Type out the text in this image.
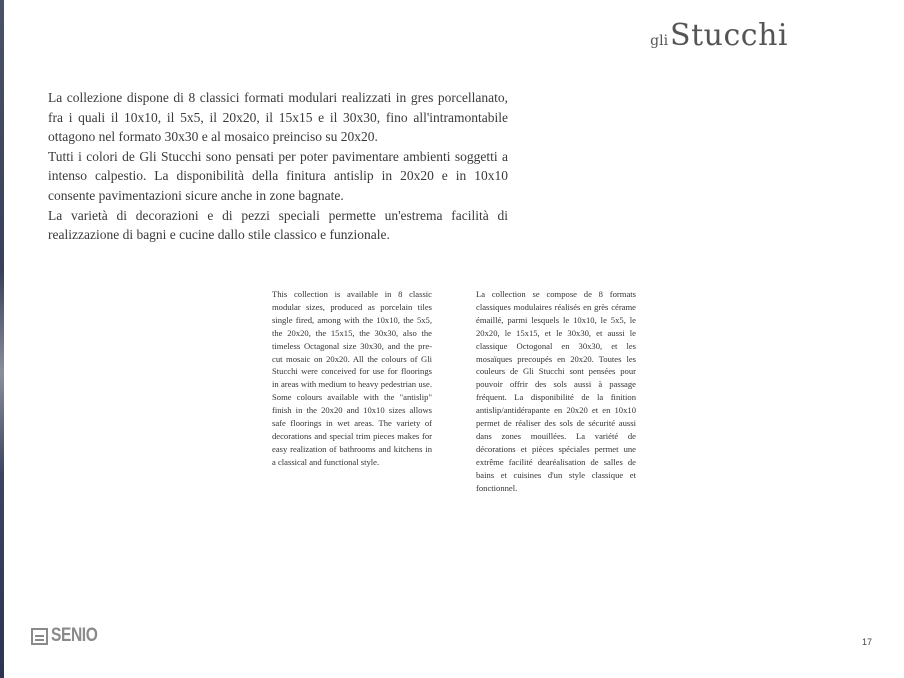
gliStucchi

La collezione dispone di 8 classici formati modulari realizzati in gres porcellanato, fra i quali il 10x10, il 5x5, il 20x20, il 15x15 e il 30x30, fino all'intramontabile ottagono nel formato 30x30 e al mosaico preinciso su 20x20.

Tutti i colori de Gli Stucchi sono pensati per poter pavimentare ambienti soggetti a intenso calpestio. La disponibilità della finitura antislip in 20x20 e in 10x10 consente pavimentazioni sicure anche in zone bagnate.

La varietà di decorazioni e di pezzi speciali permette un'estrema facilità di realizzazione di bagni e cucine dallo stile classico e funzionale.

This collection is available in 8 classic modular sizes, produced as porcelain tiles single fired, among with the 10x10, the 5x5, the 20x20, the 15x15, the 30x30, also the timeless Octagonal size 30x30, and the pre-cut mosaic on 20x20. All the colours of Gli Stucchi were conceived for use for floorings in areas with medium to heavy pedestrian use. Some colours available with the "antislip" finish in the 20x20 and 10x10 sizes allows safe floorings in wet areas. The variety of decorations and special trim pieces makes for easy realization of bathrooms and kitchens in a classical and functional style.
La collection se compose de 8 formats classiques modulaires réalisés en grès cérame émaillé, parmi lesquels le 10x10, le 5x5, le 20x20, le 15x15, et le 30x30, et aussi le classique Octogonal en 30x30, et les mosaïques precoupés en 20x20. Toutes les couleurs de Gli Stucchi sont pensées pour pouvoir offrir des sols aussi à passage fréquent. La disponibilité de la finition antislip/antidérapante en 20x20 et en 10x10 permet de réaliser des sols de sécurité aussi dans zones mouillées. La variété de décorations et pièces spéciales permet une extrême facilité dearéalisation de salles de bains et cuisines d'un style classique et fonctionnel.
SENIO	17
